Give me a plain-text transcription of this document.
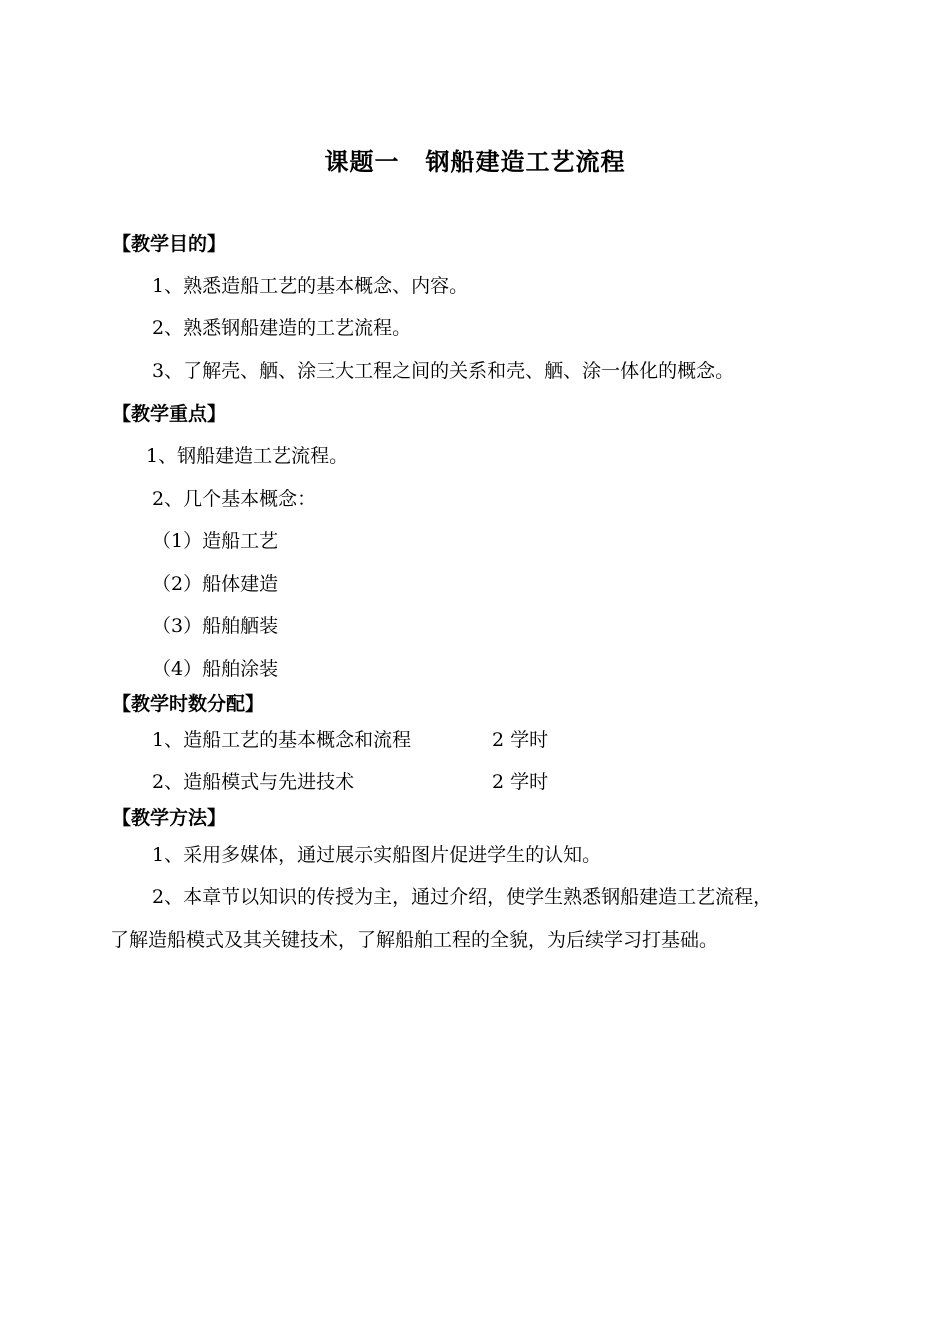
课题一 钢船建造工艺流程
【教学目的】
1、熟悉造船工艺的基本概念、内容。
2、熟悉钢船建造的工艺流程。
3、了解壳、舾、涂三大工程之间的关系和壳、舾、涂一体化的概念。
【教学重点】
1、钢船建造工艺流程。
2、几个基本概念：
（1）造船工艺
（2）船体建造
（3）船舶舾装
（4）船舶涂装
【教学时数分配】
1、造船工艺的基本概念和流程	2 学时
2、造船模式与先进技术	2 学时
【教学方法】
1、采用多媒体，通过展示实船图片促进学生的认知。
2、本章节以知识的传授为主，通过介绍，使学生熟悉钢船建造工艺流程，
了解造船模式及其关键技术，了解船舶工程的全貌，为后续学习打基础。
